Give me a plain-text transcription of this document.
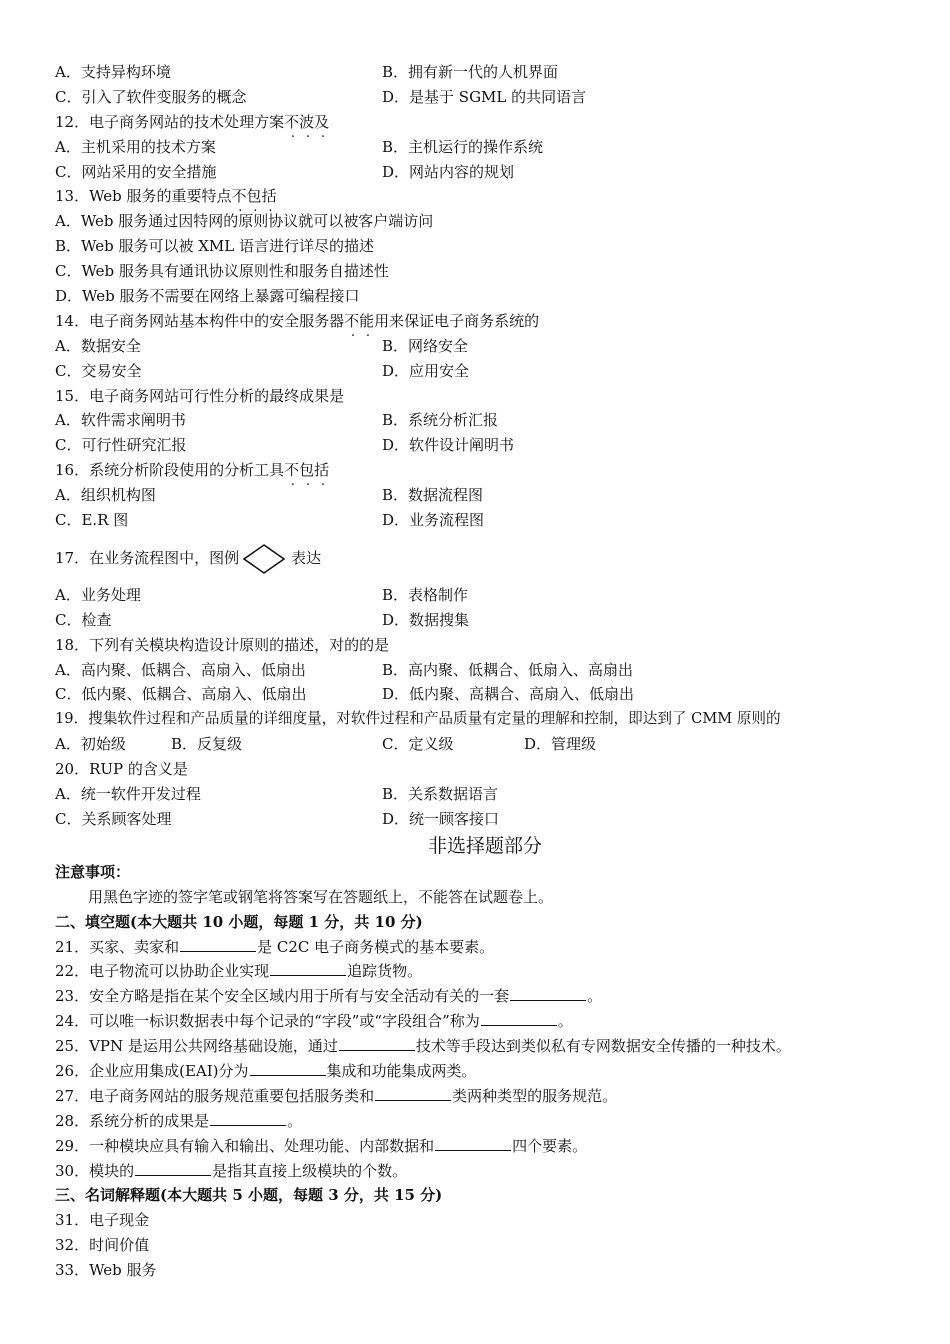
A．支持异构环境	B．拥有新一代的人机界面
C．引入了软件变服务的概念	D．是基于 SGML 的共同语言
12．电子商务网站的技术处理方案不波及
A．主机采用的技术方案	B．主机运行的操作系统
C．网站采用的安全措施	D．网站内容的规划
13．Web 服务的重要特点不包括
A．Web 服务通过因特网的原则协议就可以被客户端访问
B．Web 服务可以被 XML 语言进行详尽的描述
C．Web 服务具有通讯协议原则性和服务自描述性
D．Web 服务不需要在网络上暴露可编程接口
14．电子商务网站基本构件中的安全服务器不能用来保证电子商务系统的
A．数据安全	B．网络安全
C．交易安全	D．应用安全
15．电子商务网站可行性分析的最终成果是
A．软件需求阐明书	B．系统分析汇报
C．可行性研究汇报	D．软件设计阐明书
16．系统分析阶段使用的分析工具不包括
A．组织机构图	B．数据流程图
C．E.R 图	D．业务流程图
17．在业务流程图中，图例	表达
A．业务处理	B．表格制作
C．检查	D．数据搜集
18．下列有关模块构造设计原则的描述，对的的是
A．高内聚、低耦合、高扇入、低扇出	B．高内聚、低耦合、低扇入、高扇出
C．低内聚、低耦合、高扇入、低扇出	D．低内聚、高耦合、高扇入、低扇出
19．搜集软件过程和产品质量的详细度量，对软件过程和产品质量有定量的理解和控制，即达到了 CMM 原则的
A．初始级	B．反复级	C．定义级	D．管理级
20．RUP 的含义是
A．统一软件开发过程	B．关系数据语言
C．关系顾客处理	D．统一顾客接口
非选择题部分
注意事项：
用黑色字迹的签字笔或钢笔将答案写在答题纸上，不能答在试题卷上。
二、填空题(本大题共 10 小题，每题 1 分，共 10 分)
21．买家、卖家和	是 C2C 电子商务模式的基本要素。
22．电子物流可以协助企业实现	追踪货物。
23．安全方略是指在某个安全区域内用于所有与安全活动有关的一套	。
24．可以唯一标识数据表中每个记录的“字段”或“字段组合”称为	。
25．VPN 是运用公共网络基础设施，通过	技术等手段达到类似私有专网数据安全传播的一种技术。
26．企业应用集成(EAI)分为	集成和功能集成两类。
27．电子商务网站的服务规范重要包括服务类和	类两种类型的服务规范。
28．系统分析的成果是	。
29．一种模块应具有输入和输出、处理功能、内部数据和	四个要素。
30．模块的	是指其直接上级模块的个数。
三、名词解释题(本大题共 5 小题，每题 3 分，共 15 分)
31．电子现金
32．时间价值
33．Web 服务
